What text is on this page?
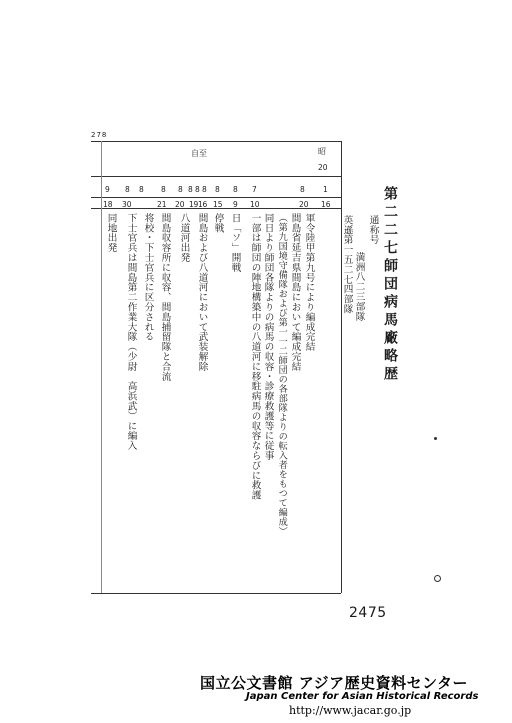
278
昭
20
自至
1
8
7
8
8
8
8
8
8
8
8
8
9
16
20
10
9
15
16
19
20
21
30
18	第二二七師団病馬廠略歴
通称号
満洲八二三部隊
英遜第一五二七四部隊
軍令陸甲第九号により編成完結
間島省延吉県間島において編成完結
（第九国境守備隊および第一一二師団の各部隊よりの転入者をもつて編成）
同日より師団各隊よりの病馬の収容・診療救護等に従事
一部は師団の陣地構築中の八道河に移駐病馬の収容ならびに救護
日「ソ」開戦
停戦
間島および八道河において武装解除
八道河出発
間島収容所に収容、間島捕留隊と合流
将校・下士官兵に区分される
下士官兵は間島第二作業大隊（少尉　高浜武）に編入
同地出発
2475
国立公文書館 アジア歴史資料センター
Japan Center for Asian Historical Records
http://www.jacar.go.jp
